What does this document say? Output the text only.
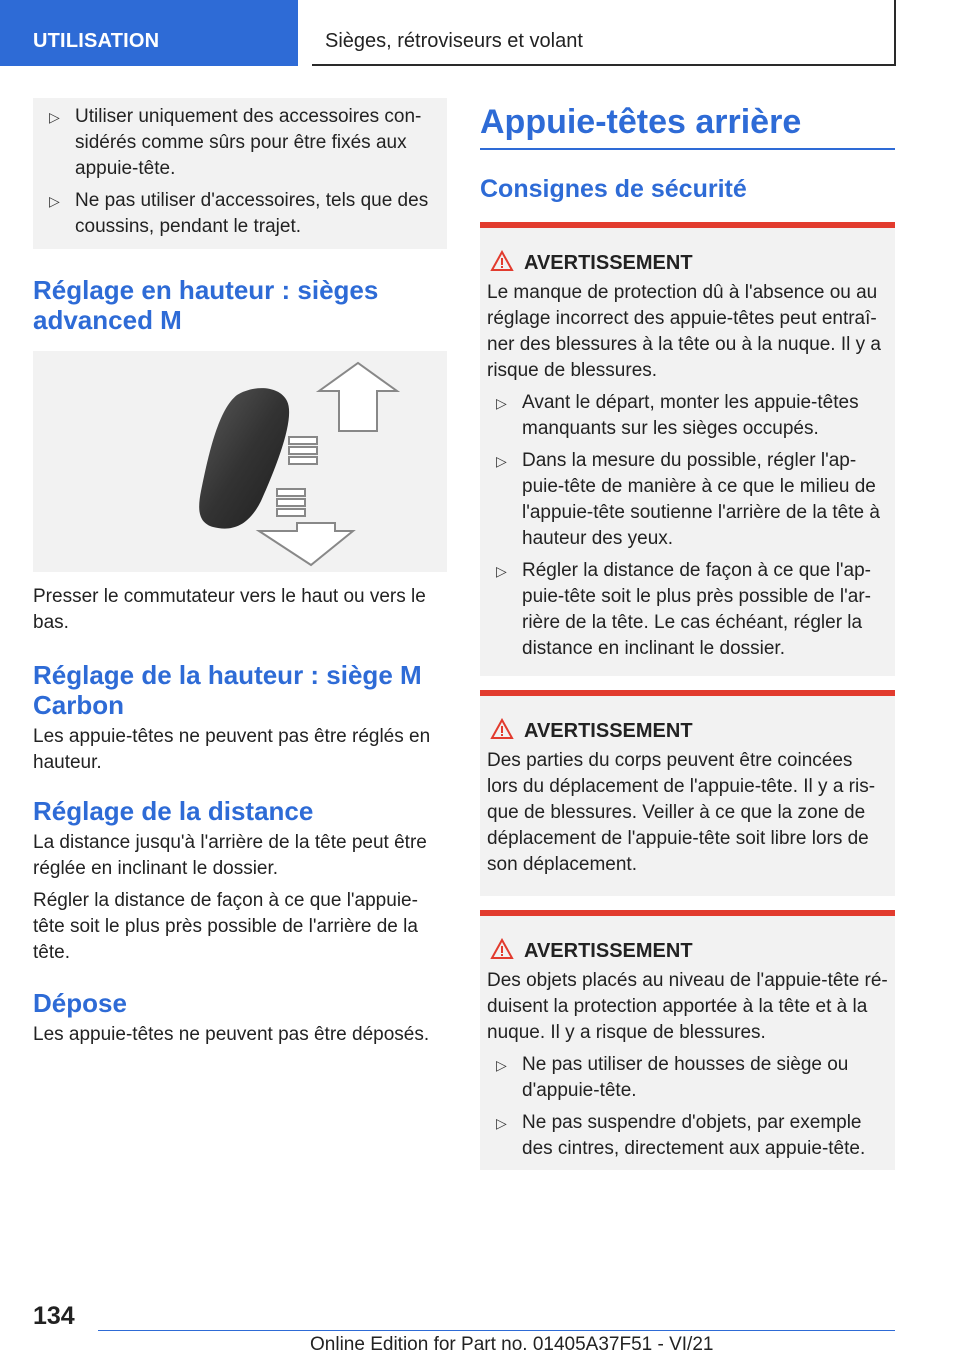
UTILISATION	Sièges, rétroviseurs et volant
▷ Utiliser uniquement des accessoires con‐sidérés comme sûrs pour être fixés aux appuie-tête.
▷ Ne pas utiliser d'accessoires, tels que des coussins, pendant le trajet.
Réglage en hauteur : sièges advanced M

Presser le commutateur vers le haut ou vers le bas.

Réglage de la hauteur : siège M Carbon

Les appuie-têtes ne peuvent pas être réglés en hauteur.

Réglage de la distance

La distance jusqu'à l'arrière de la tête peut être réglée en inclinant le dossier.

Régler la distance de façon à ce que l'appuie-tête soit le plus près possible de l'arrière de la tête.

Dépose

Les appuie-têtes ne peuvent pas être déposés.

Appuie-têtes arrière
Consignes de sécurité
AVERTISSEMENT

Le manque de protection dû à l'absence ou au réglage incorrect des appuie-têtes peut entraî‐ner des blessures à la tête ou à la nuque. Il y a risque de blessures.

▷ Avant le départ, monter les appuie-têtes manquants sur les sièges occupés.
▷ Dans la mesure du possible, régler l'ap‐puie-tête de manière à ce que le milieu de l'appuie-tête soutienne l'arrière de la tête à hauteur des yeux.
▷ Régler la distance de façon à ce que l'ap‐puie-tête soit le plus près possible de l'ar‐rière de la tête. Le cas échéant, régler la distance en inclinant le dossier.
AVERTISSEMENT

Des parties du corps peuvent être coincées lors du déplacement de l'appuie-tête. Il y a ris‐que de blessures. Veiller à ce que la zone de déplacement de l'appuie-tête soit libre lors de son déplacement.

AVERTISSEMENT

Des objets placés au niveau de l'appuie-tête ré‐duisent la protection apportée à la tête et à la nuque. Il y a risque de blessures.

▷ Ne pas utiliser de housses de siège ou d'appuie-tête.
▷ Ne pas suspendre d'objets, par exemple des cintres, directement aux appuie-tête.
134
Online Edition for Part no. 01405A37F51 - VI/21
